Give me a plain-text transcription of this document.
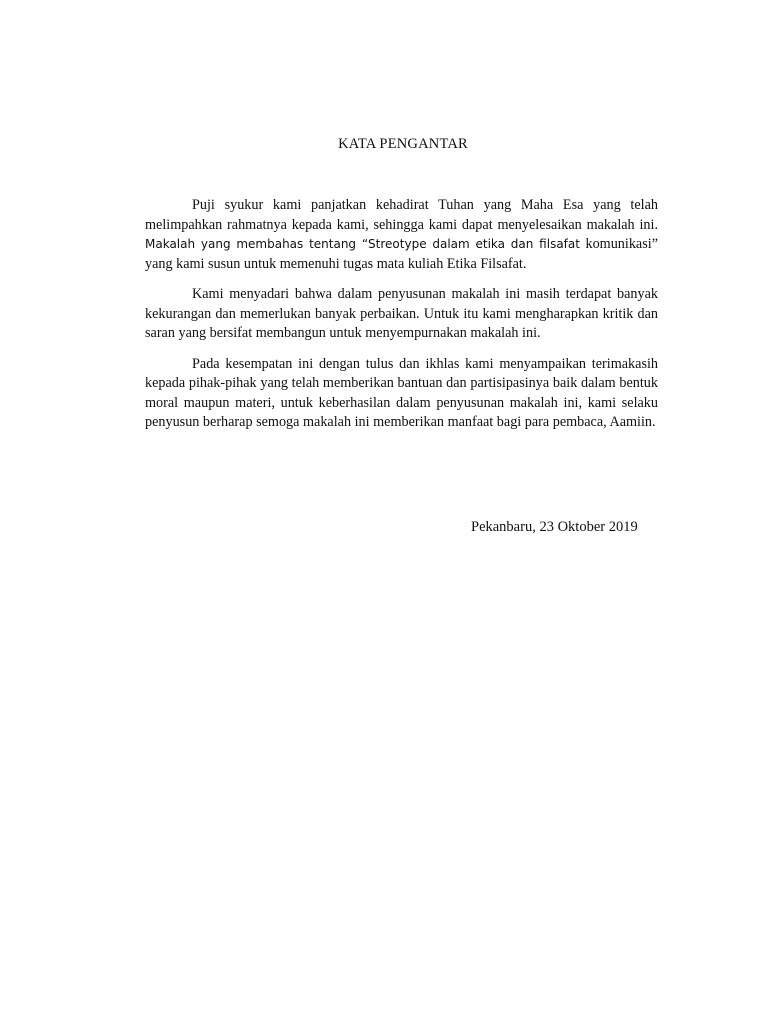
KATA PENGANTAR

Puji syukur kami panjatkan kehadirat Tuhan yang Maha Esa yang telah melimpahkan rahmatnya kepada kami, sehingga kami dapat menyelesaikan makalah ini. Makalah yang membahas tentang “Streotype dalam etika dan filsafat komunikasi” yang kami susun untuk memenuhi tugas mata kuliah Etika Filsafat.

Kami menyadari bahwa dalam penyusunan makalah ini masih terdapat banyak kekurangan dan memerlukan banyak perbaikan. Untuk itu kami mengharapkan kritik dan saran yang bersifat membangun untuk menyempurnakan makalah ini.

Pada kesempatan ini dengan tulus dan ikhlas kami menyampaikan terimakasih kepada pihak-pihak yang telah memberikan bantuan dan partisipasinya baik dalam bentuk moral maupun materi, untuk keberhasilan dalam penyusunan makalah ini, kami selaku penyusun berharap semoga makalah ini memberikan manfaat bagi para pembaca, Aamiin.

Pekanbaru, 23 Oktober 2019
